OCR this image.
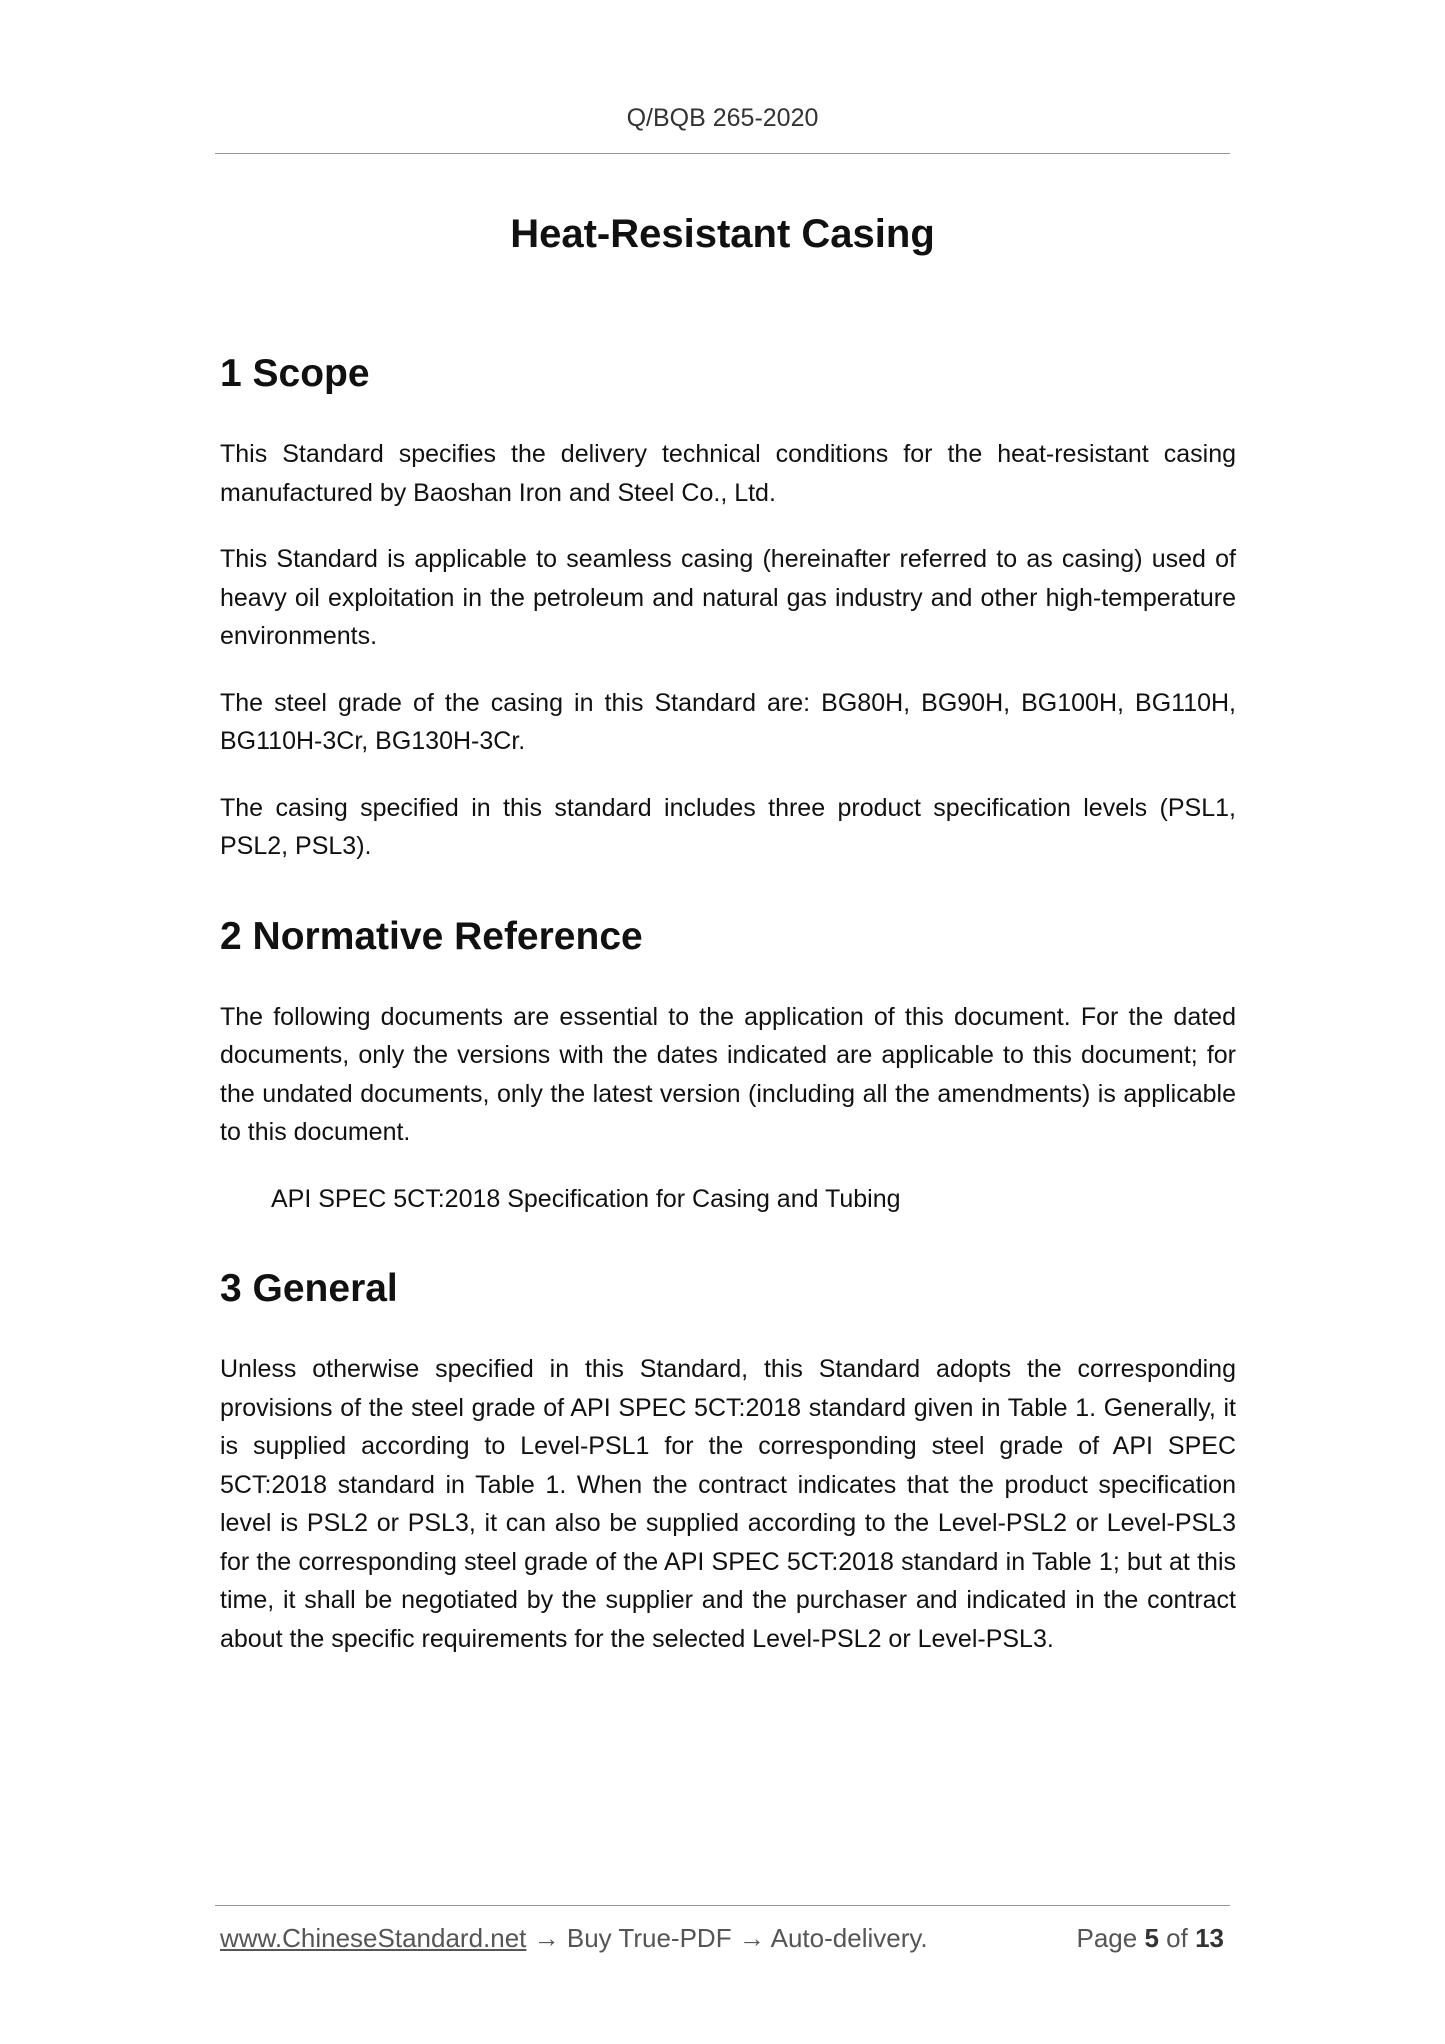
Q/BQB 265-2020
Heat-Resistant Casing
1 Scope

This Standard specifies the delivery technical conditions for the heat-resistant casing manufactured by Baoshan Iron and Steel Co., Ltd.

This Standard is applicable to seamless casing (hereinafter referred to as casing) used of heavy oil exploitation in the petroleum and natural gas industry and other high-temperature environments.

The steel grade of the casing in this Standard are: BG80H, BG90H, BG100H, BG110H, BG110H-3Cr, BG130H-3Cr.

The casing specified in this standard includes three product specification levels (PSL1, PSL2, PSL3).

2 Normative Reference

The following documents are essential to the application of this document. For the dated documents, only the versions with the dates indicated are applicable to this document; for the undated documents, only the latest version (including all the amendments) is applicable to this document.

API SPEC 5CT:2018 Specification for Casing and Tubing

3 General

Unless otherwise specified in this Standard, this Standard adopts the corresponding provisions of the steel grade of API SPEC 5CT:2018 standard given in Table 1. Generally, it is supplied according to Level-PSL1 for the corresponding steel grade of API SPEC 5CT:2018 standard in Table 1. When the contract indicates that the product specification level is PSL2 or PSL3, it can also be supplied according to the Level-PSL2 or Level-PSL3 for the corresponding steel grade of the API SPEC 5CT:2018 standard in Table 1; but at this time, it shall be negotiated by the supplier and the purchaser and indicated in the contract about the specific requirements for the selected Level-PSL2 or Level-PSL3.

www.ChineseStandard.net → Buy True-PDF → Auto-delivery.	Page 5 of 13
